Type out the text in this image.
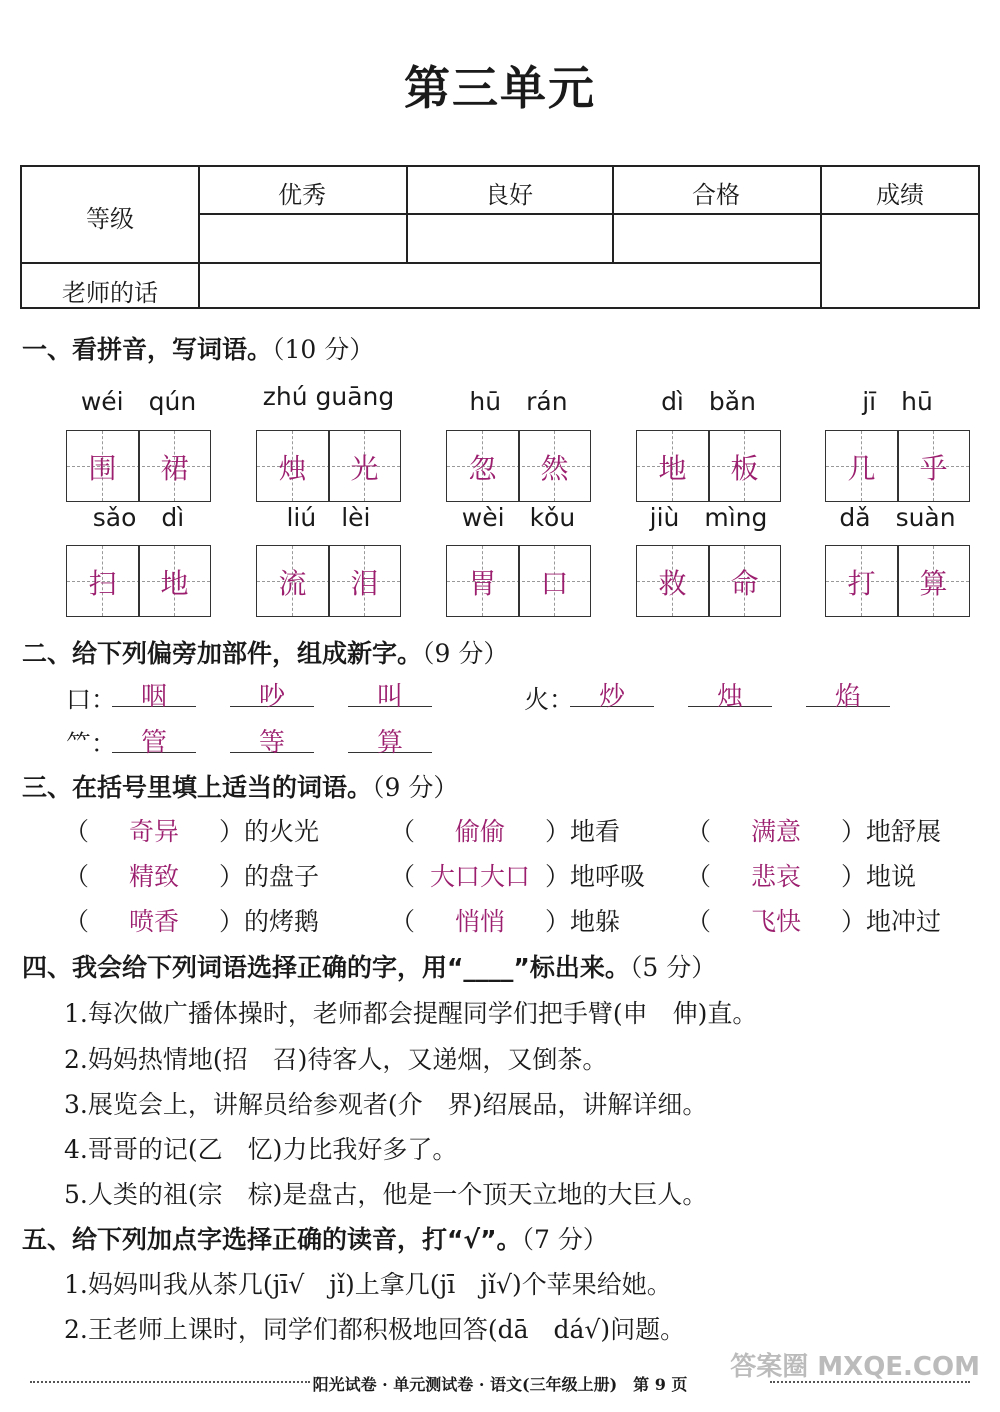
第三单元
等级
老师的话
优秀	良好	合格	成绩
一、看拼音，写词语。（10 分）
wéi　qún
围	裙
zhú guāng
烛	光
hū　rán
忽	然
dì　bǎn
地	板
jī　hū
几	乎
sǎo　dì
扫	地
liú　lèi
流	泪
wèi　kǒu
胃	口
jiù　mìng
救	命
dǎ　suàn
打	算
二、给下列偏旁加部件，组成新字。（9 分）
口： 咽	吵	叫	火： 炒	烛	焰
⺮： 管	等	算
三、在括号里填上适当的词语。（9 分）
（ 奇异 ）的火光	（ 偷偷 ）地看	（ 满意 ）地舒展
（ 精致 ）的盘子	（ 大口大口 ）地呼吸 （ 悲哀 ）地说
（ 喷香 ）的烤鹅	（ 悄悄 ）地躲	（ 飞快 ）地冲过
四、我会给下列词语选择正确的字，用“____”标出来。（5 分）
1.每次做广播体操时，老师都会提醒同学们把手臂(申　伸)直。
2.妈妈热情地(招　召)待客人，又递烟，又倒茶。
3.展览会上，讲解员给参观者(介　界)绍展品，讲解详细。
4.哥哥的记(乙　忆)力比我好多了。
5.人类的祖(宗　棕)是盘古，他是一个顶天立地的大巨人。
五、给下列加点字选择正确的读音，打“√”。（7 分）
1.妈妈叫我从茶几(jī√　jǐ)上拿几(jī　jǐ√)个苹果给她。
2.王老师上课时，同学们都积极地回答(dā　dá√)问题。
阳光试卷 · 单元测试卷 · 语文(三年级上册)　第 9 页
答案圈 MXQE.COM
